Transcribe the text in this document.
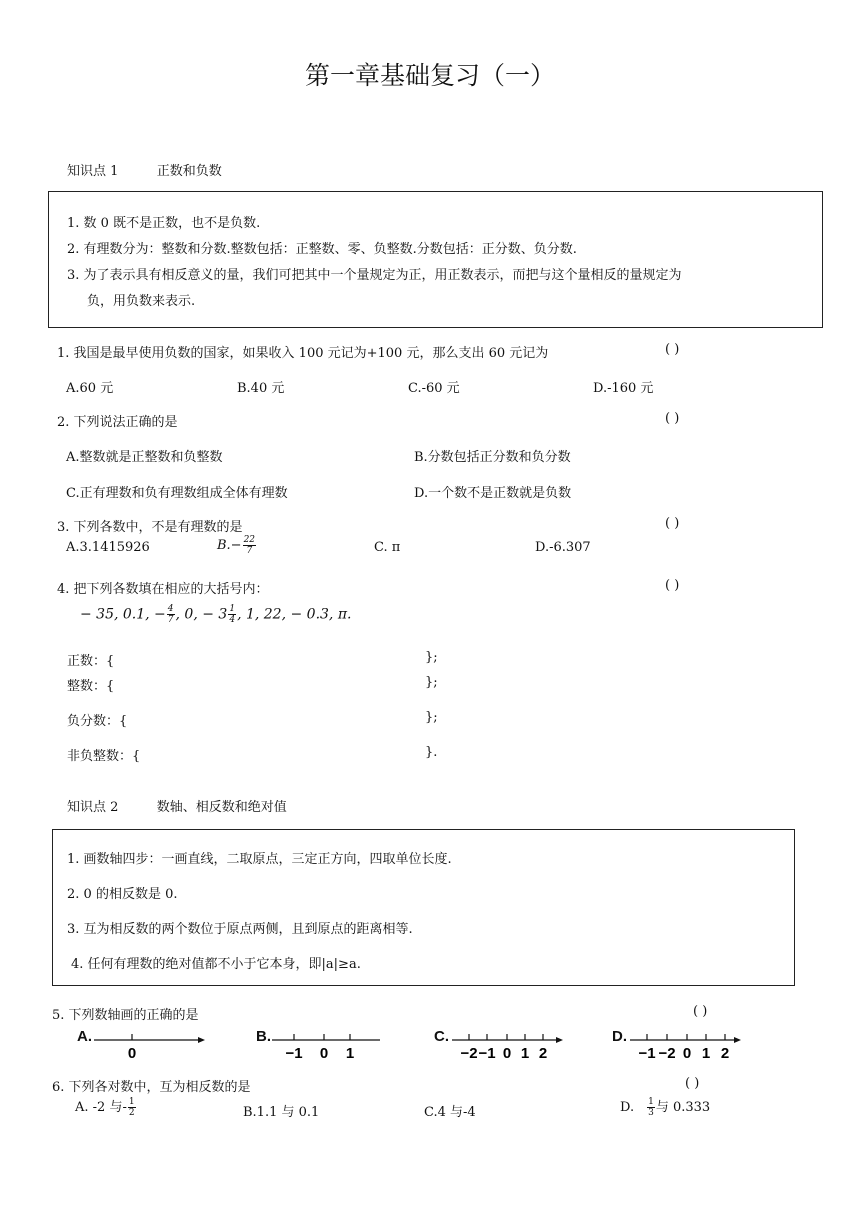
第一章基础复习（一）
知识点 1	正数和负数
1. 数 0 既不是正数，也不是负数.
2. 有理数分为：整数和分数.整数包括：正整数、零、负整数.分数包括：正分数、负分数.
3. 为了表示具有相反意义的量，我们可把其中一个量规定为正，用正数表示，而把与这个量相反的量规定为
负，用负数来表示.
1. 我国是最早使用负数的国家，如果收入 100 元记为+100 元，那么支出 60 元记为	( )
A.60 元	B.40 元	C.-60 元	D.-160 元
2. 下列说法正确的是	( )
A.整数就是正整数和负整数	B.分数包括正分数和负分数
C.正有理数和负有理数组成全体有理数	D.一个数不是正数就是负数
3. 下列各数中，不是有理数的是	( )
A.3.1415926	$B.- \frac{22}{7}$	C. π	D.-6.307
4. 把下列各数填在相应的大括号内：	( )
− 35, 0.1, − $\frac{4}{7}$ , 0, − $3 \frac{1}{4}$ , 1, 22, − 0.3, π.
正数：{	};
整数：{	};
负分数：{	};
非负整数：{	}.
知识点 2	数轴、相反数和绝对值
1. 画数轴四步：一画直线，二取原点，三定正方向，四取单位长度.
2. 0 的相反数是 0.
3. 互为相反数的两个数位于原点两侧，且到原点的距离相等.
4. 任何有理数的绝对值都不小于它本身，即|a|≥a.
5. 下列数轴画的正确的是	( )
A.
0
B.
−1 0 1
C.
−2 −1 0 1 2
D.
−1 −2 0 1 2
6. 下列各对数中，互为相反数的是	( )
A. -2 与- $\frac{1}{2}$	B.1.1 与 0.1	C.4 与-4	D. $\frac{1}{3}$ 与 0.333
